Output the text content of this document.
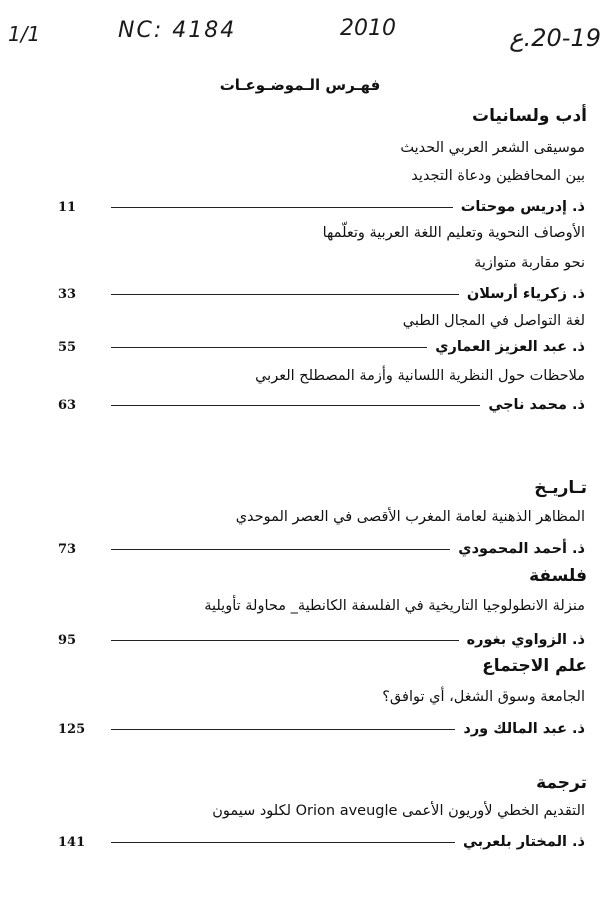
1/1	NC: 4184	2010	20-19.ع
فهـرس الـموضـوعـات
أدب ولسانيات
موسيقى الشعر العربي الحديث
بين المحافظين ودعاة التجديد
11	ذ. إدريس موحتات
الأوصاف النحوية وتعليم اللغة العربية وتعلّمها
نحو مقاربة متوازية
33	ذ. زكرياء أرسلان
لغة التواصل في المجال الطبي
55	ذ. عبد العزيز العماري
ملاحظات حول النظرية اللسانية وأزمة المصطلح العربي
63	ذ. محمد ناجي
تـاريـخ
المظاهر الذهنية لعامة المغرب الأقصى في العصر الموحدي
73	ذ. أحمد المحمودي
فلسفة
منزلة الانطولوجيا التاريخية في الفلسفة الكانطية_ محاولة تأويلية
95	ذ. الزواوي بغوره
علم الاجتماع
الجامعة وسوق الشغل، أي توافق؟
125	ذ. عبد المالك ورد
ترجمة
التقديم الخطي لأوريون الأعمى Orion aveugle لكلود سيمون
141	ذ. المختار بلعربي
